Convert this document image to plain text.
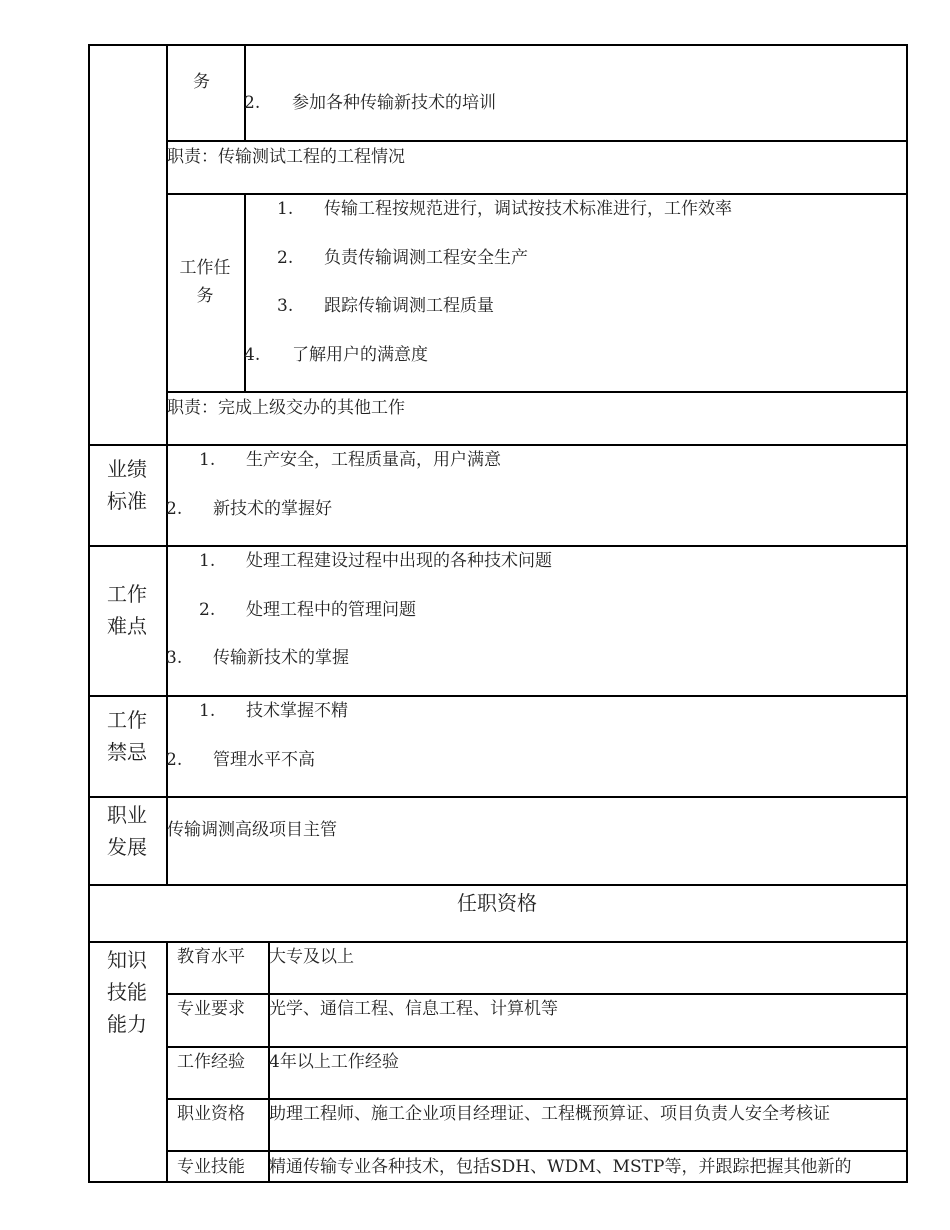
务
2. 参加各种传输新技术的培训
职责：传输测试工程的工程情况
工作任务
1. 传输工程按规范进行，调试按技术标准进行，工作效率
2. 负责传输调测工程安全生产
3. 跟踪传输调测工程质量
4. 了解用户的满意度
职责：完成上级交办的其他工作
业绩标准
1. 生产安全，工程质量高，用户满意
2. 新技术的掌握好
工作难点
1. 处理工程建设过程中出现的各种技术问题
2. 处理工程中的管理问题
3. 传输新技术的掌握
工作禁忌
1. 技术掌握不精
2. 管理水平不高
职业发展
传输调测高级项目主管
任职资格
知识技能能力
教育水平 大专及以上
专业要求 光学、通信工程、信息工程、计算机等
工作经验 4年以上工作经验
职业资格 助理工程师、施工企业项目经理证、工程概预算证、项目负责人安全考核证
专业技能 精通传输专业各种技术，包括SDH、WDM、MSTP等，并跟踪把握其他新的
